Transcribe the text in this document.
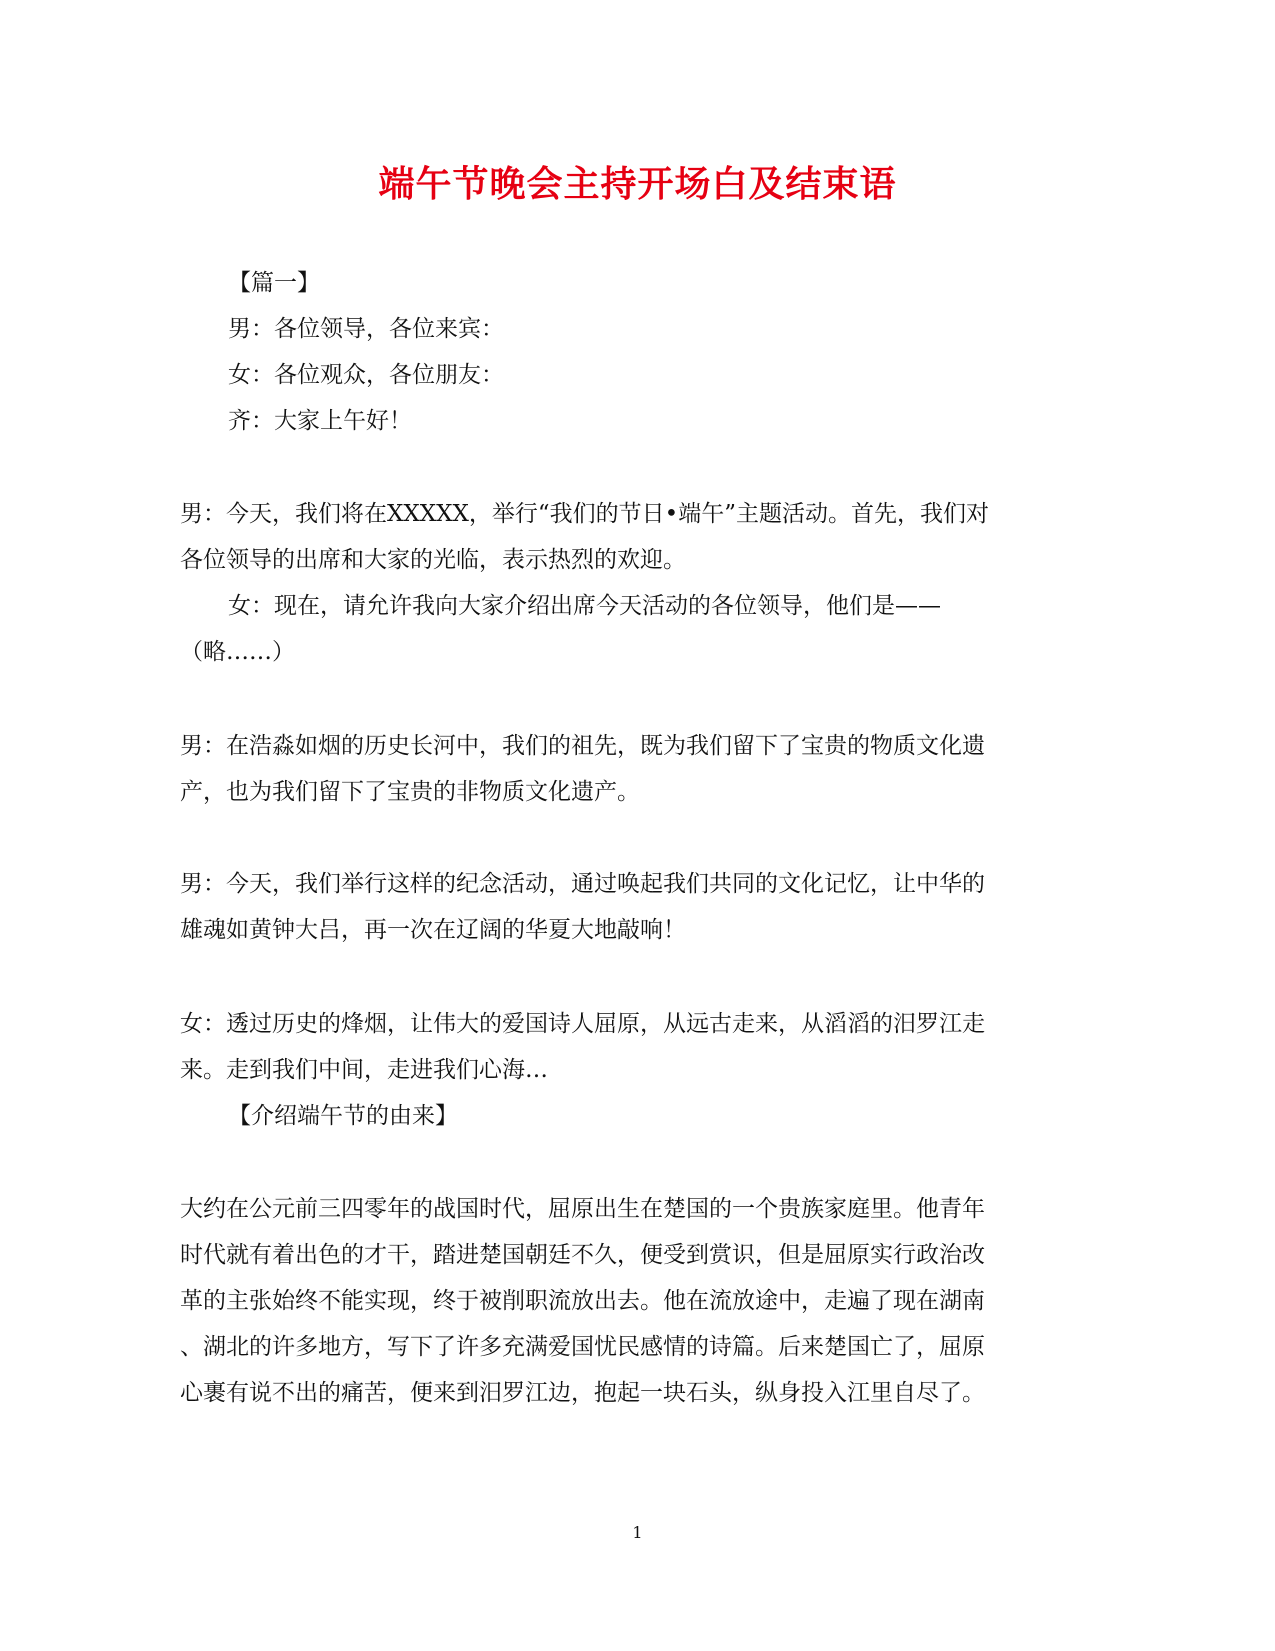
端午节晚会主持开场白及结束语
【篇一】
男：各位领导，各位来宾：
女：各位观众，各位朋友：
齐：大家上午好！
男：今天，我们将在XXXXX，举行“我们的节日•端午”主题活动。首先，我们对
各位领导的出席和大家的光临，表示热烈的欢迎。
女：现在，请允许我向大家介绍出席今天活动的各位领导，他们是——
（略……）
男：在浩淼如烟的历史长河中，我们的祖先，既为我们留下了宝贵的物质文化遗
产，也为我们留下了宝贵的非物质文化遗产。
男：今天，我们举行这样的纪念活动，通过唤起我们共同的文化记忆，让中华的
雄魂如黄钟大吕，再一次在辽阔的华夏大地敲响！
女：透过历史的烽烟，让伟大的爱国诗人屈原，从远古走来，从滔滔的汨罗江走
来。走到我们中间，走进我们心海…
【介绍端午节的由来】
大约在公元前三四零年的战国时代，屈原出生在楚国的一个贵族家庭里。他青年
时代就有着出色的才干，踏进楚国朝廷不久，便受到赏识，但是屈原实行政治改
革的主张始终不能实现，终于被削职流放出去。他在流放途中，走遍了现在湖南
、湖北的许多地方，写下了许多充满爱国忧民感情的诗篇。后来楚国亡了，屈原
心裹有说不出的痛苦，便来到汨罗江边，抱起一块石头，纵身投入江里自尽了。
1
